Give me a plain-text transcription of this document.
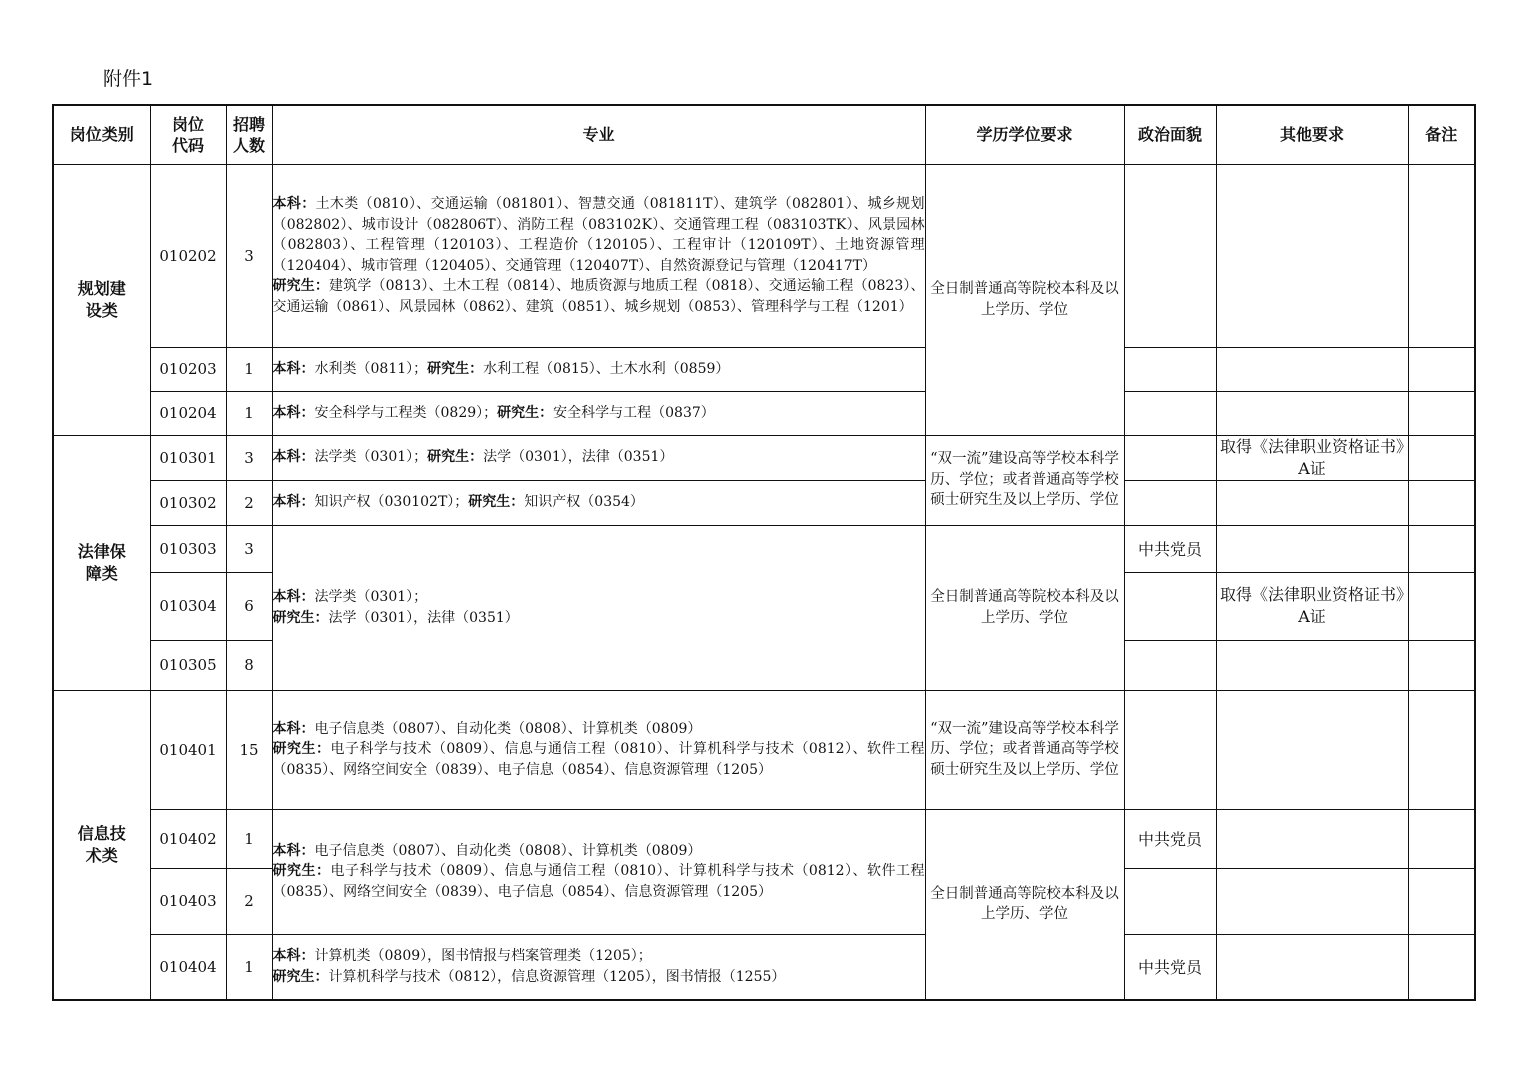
附件1
岗位类别	岗位代码	招聘人数	专业	学历学位要求	政治面貌	其他要求	备注

规划建设类	010202	3	本科：土木类（0810）、交通运输（081801）、智慧交通（081811T）、建筑学（082801）、城乡规划（082802）、城市设计（082806T）、消防工程（083102K）、交通管理工程（083103TK）、风景园林（082803）、工程管理（120103）、工程造价（120105）、工程审计（120109T）、土地资源管理（120404）、城市管理（120405）、交通管理（120407T）、自然资源登记与管理（120417T）
研究生：建筑学（0813）、土木工程（0814）、地质资源与地质工程（0818）、交通运输工程（0823）、交通运输（0861）、风景园林（0862）、建筑（0851）、城乡规划（0853）、管理科学与工程（1201）	全日制普通高等院校本科及以上学历、学位			
	010203	1	本科：水利类（0811）；研究生：水利工程（0815）、土木水利（0859）				
	010204	1	本科：安全科学与工程类（0829）；研究生：安全科学与工程（0837）				

法律保障类	010301	3	本科：法学类（0301）；研究生：法学（0301），法律（0351）	“双一流”建设高等学校本科学历、学位；或者普通高等学校硕士研究生及以上学历、学位		取得《法律职业资格证书》A证	
	010302	2	本科：知识产权（030102T）；研究生：知识产权（0354）				
	010303	3	本科：法学类（0301）；
研究生：法学（0301），法律（0351）	全日制普通高等院校本科及以上学历、学位	中共党员		
	010304	6				取得《法律职业资格证书》A证	
	010305	8					

信息技术类	010401	15	本科：电子信息类（0807）、自动化类（0808）、计算机类（0809）
研究生：电子科学与技术（0809）、信息与通信工程（0810）、计算机科学与技术（0812）、软件工程（0835）、网络空间安全（0839）、电子信息（0854）、信息资源管理（1205）	“双一流”建设高等学校本科学历、学位；或者普通高等学校硕士研究生及以上学历、学位			
	010402	1	本科：电子信息类（0807）、自动化类（0808）、计算机类（0809）
研究生：电子科学与技术（0809）、信息与通信工程（0810）、计算机科学与技术（0812）、软件工程（0835）、网络空间安全（0839）、电子信息（0854）、信息资源管理（1205）	全日制普通高等院校本科及以上学历、学位	中共党员		
	010403	2					
	010404	1	本科：计算机类（0809），图书情报与档案管理类（1205）；
研究生：计算机科学与技术（0812），信息资源管理（1205），图书情报（1255）		中共党员		
